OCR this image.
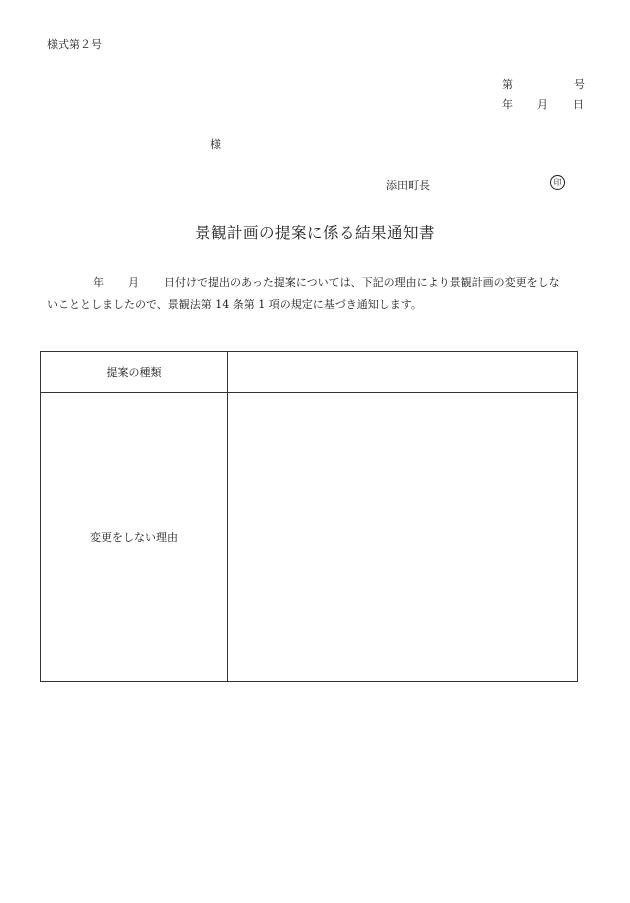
様式第２号
第	号
年 月 日
様
添田町長	印
景観計画の提案に係る結果通知書
年 月 日付けで提出のあった提案については、下記の理由により景観計画の変更をしな
いこととしましたので、景観法第 14 条第 1 項の規定に基づき通知します。
提案の種類	
変更をしない理由	
